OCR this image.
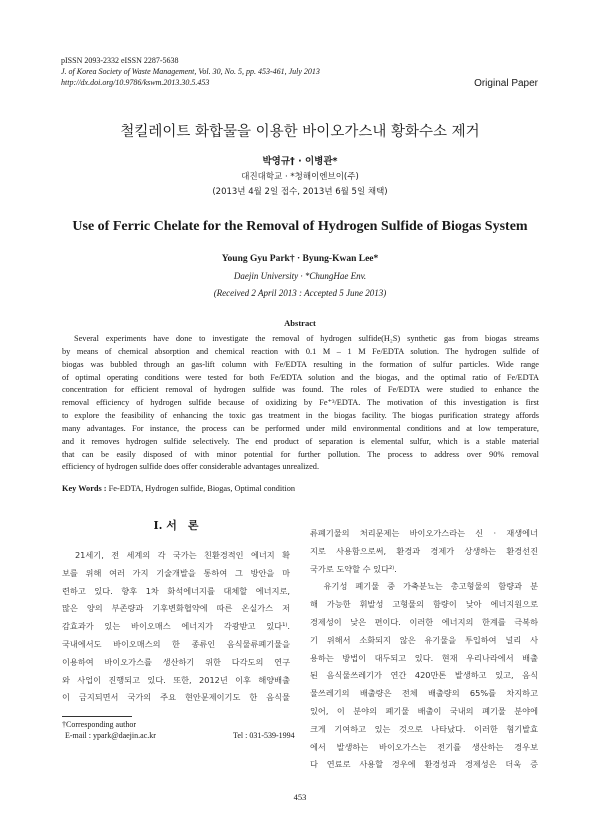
pISSN 2093-2332 eISSN 2287-5638
J. of Korea Society of Waste Management, Vol. 30, No. 5, pp. 453-461, July 2013
http://dx.doi.org/10.9786/kswm.2013.30.5.453	Original Paper
철킬레이트 화합물을 이용한 바이오가스내 황화수소 제거
박영규† · 이병관*
대진대학교 · *청해이엔브이(주)
(2013년 4월 2일 접수, 2013년 6월 5일 채택)
Use of Ferric Chelate for the Removal of Hydrogen Sulfide of Biogas System
Young Gyu Park† · Byung-Kwan Lee*
Daejin University · *ChungHae Env.
(Received 2 April 2013 : Accepted 5 June 2013)
Abstract
Several experiments have done to investigate the removal of hydrogen sulfide(H₂S) synthetic gas from biogas streams
by means of chemical absorption and chemical reaction with 0.1 M – 1 M Fe/EDTA solution. The hydrogen sulfide of
biogas was bubbled through an gas-lift column with Fe/EDTA resulting in the formation of sulfur particles. Wide range
of optimal operating conditions were tested for both Fe/EDTA solution and the biogas, and the optimal ratio of Fe/EDTA
concentration for efficient removal of hydrogen sulfide was found. The roles of Fe/EDTA were studied to enhance the
removal efficiency of hydrogen sulfide because of oxidizing by Fe⁺³/EDTA. The motivation of this investigation is first
to explore the feasibility of enhancing the toxic gas treatment in the biogas facility. The biogas purification strategy affords
many advantages. For instance, the process can be performed under mild environmental conditions and at low temperature,
and it removes hydrogen sulfide selectively. The end product of separation is elemental sulfur, which is a stable material
that can be easily disposed of with minor potential for further pollution. The process to address over 90% removal
efficiency of hydrogen sulfide does offer considerable advantages unrealized.
Key Words : Fe-EDTA, Hydrogen sulfide, Biogas, Optimal condition
I. 서　론
　21세기, 전 세계의 각 국가는 친환경적인 에너지 확
보를 위해 여러 가지 기술개발을 통하여 그 방안을 마
련하고 있다. 향후 1차 화석에너지를 대체할 에너지로,
많은 양의 부존량과 기후변화협약에 따른 온실가스 저
감효과가 있는 바이오매스 에너지가 각광받고 있다¹⁾.
국내에서도 바이오매스의 한 종류인 음식물류폐기물을
이용하여 바이오가스를 생산하기 위한 다각도의 연구
와 사업이 진행되고 있다. 또한, 2012년 이후 해양배출
이 금지되면서 국가의 주요 현안문제이기도 한 음식물
류폐기물의 처리문제는 바이오가스라는 신 · 재생에너
지로 사용함으로써, 환경과 경제가 상생하는 환경선진
국가로 도약할 수 있다²⁾.
　유기성 폐기물 중 가축분뇨는 총고형물의 함량과 분
해 가능한 휘발성 고형물의 함량이 낮아 에너지원으로
경제성이 낮은 편이다. 이러한 에너지의 한계를 극복하
기 위해서 소화되지 않은 유기물을 투입하여 널리 사
용하는 방법이 대두되고 있다. 현재 우리나라에서 배출
된 음식물쓰레기가 연간 420만톤 발생하고 있고, 음식
물쓰레기의 배출량은 전체 배출량의 65%를 차지하고
있어, 이 분야의 폐기물 배출이 국내의 폐기물 분야에
크게 기여하고 있는 것으로 나타났다. 이러한 혐기발효
에서 발생하는 바이오가스는 전기를 생산하는 경우보
다 연료로 사용할 경우에 환경성과 경제성은 더욱 증
†Corresponding author
E-mail : ypark@daejin.ac.kr	Tel : 031-539-1994
453
